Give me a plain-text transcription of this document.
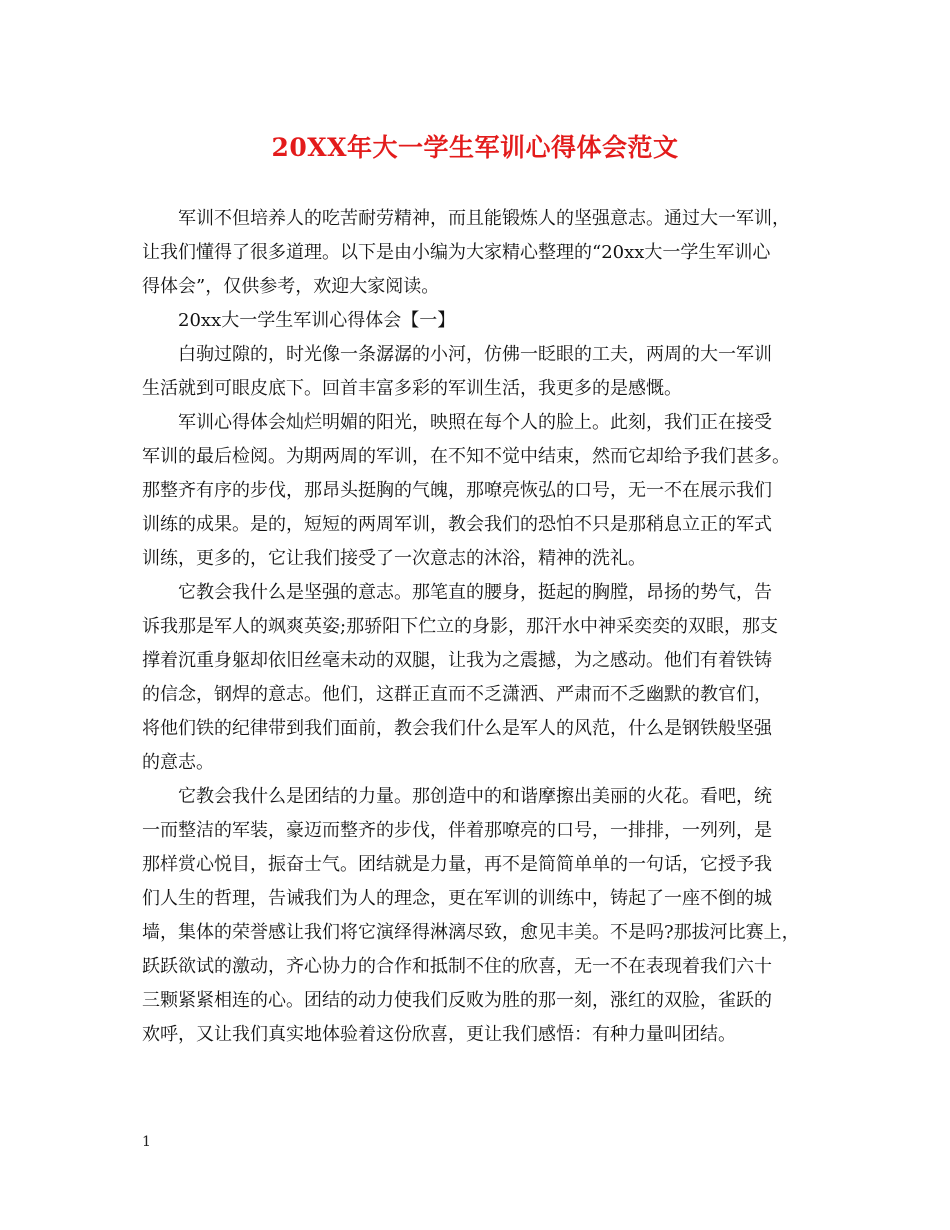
20XX年大一学生军训心得体会范文
军训不但培养人的吃苦耐劳精神，而且能锻炼人的坚强意志。通过大一军训，
让我们懂得了很多道理。以下是由小编为大家精心整理的“20xx大一学生军训心
得体会”，仅供参考，欢迎大家阅读。
20xx大一学生军训心得体会【一】
白驹过隙的，时光像一条潺潺的小河，仿佛一眨眼的工夫，两周的大一军训
生活就到可眼皮底下。回首丰富多彩的军训生活，我更多的是感慨。
军训心得体会灿烂明媚的阳光，映照在每个人的脸上。此刻，我们正在接受
军训的最后检阅。为期两周的军训，在不知不觉中结束，然而它却给予我们甚多。
那整齐有序的步伐，那昂头挺胸的气魄，那嘹亮恢弘的口号，无一不在展示我们
训练的成果。是的，短短的两周军训，教会我们的恐怕不只是那稍息立正的军式
训练，更多的，它让我们接受了一次意志的沐浴，精神的洗礼。
它教会我什么是坚强的意志。那笔直的腰身，挺起的胸膛，昂扬的势气，告
诉我那是军人的飒爽英姿;那骄阳下伫立的身影，那汗水中神采奕奕的双眼，那支
撑着沉重身躯却依旧丝毫未动的双腿，让我为之震撼，为之感动。他们有着铁铸
的信念，钢焊的意志。他们，这群正直而不乏潇洒、严肃而不乏幽默的教官们，
将他们铁的纪律带到我们面前，教会我们什么是军人的风范，什么是钢铁般坚强
的意志。
它教会我什么是团结的力量。那创造中的和谐摩擦出美丽的火花。看吧，统
一而整洁的军装，豪迈而整齐的步伐，伴着那嘹亮的口号，一排排，一列列，是
那样赏心悦目，振奋士气。团结就是力量，再不是简简单单的一句话，它授予我
们人生的哲理，告诫我们为人的理念，更在军训的训练中，铸起了一座不倒的城
墙，集体的荣誉感让我们将它演绎得淋漓尽致，愈见丰美。不是吗?那拔河比赛上，
跃跃欲试的激动，齐心协力的合作和抵制不住的欣喜，无一不在表现着我们六十
三颗紧紧相连的心。团结的动力使我们反败为胜的那一刻，涨红的双脸，雀跃的
欢呼，又让我们真实地体验着这份欣喜，更让我们感悟：有种力量叫团结。
1
